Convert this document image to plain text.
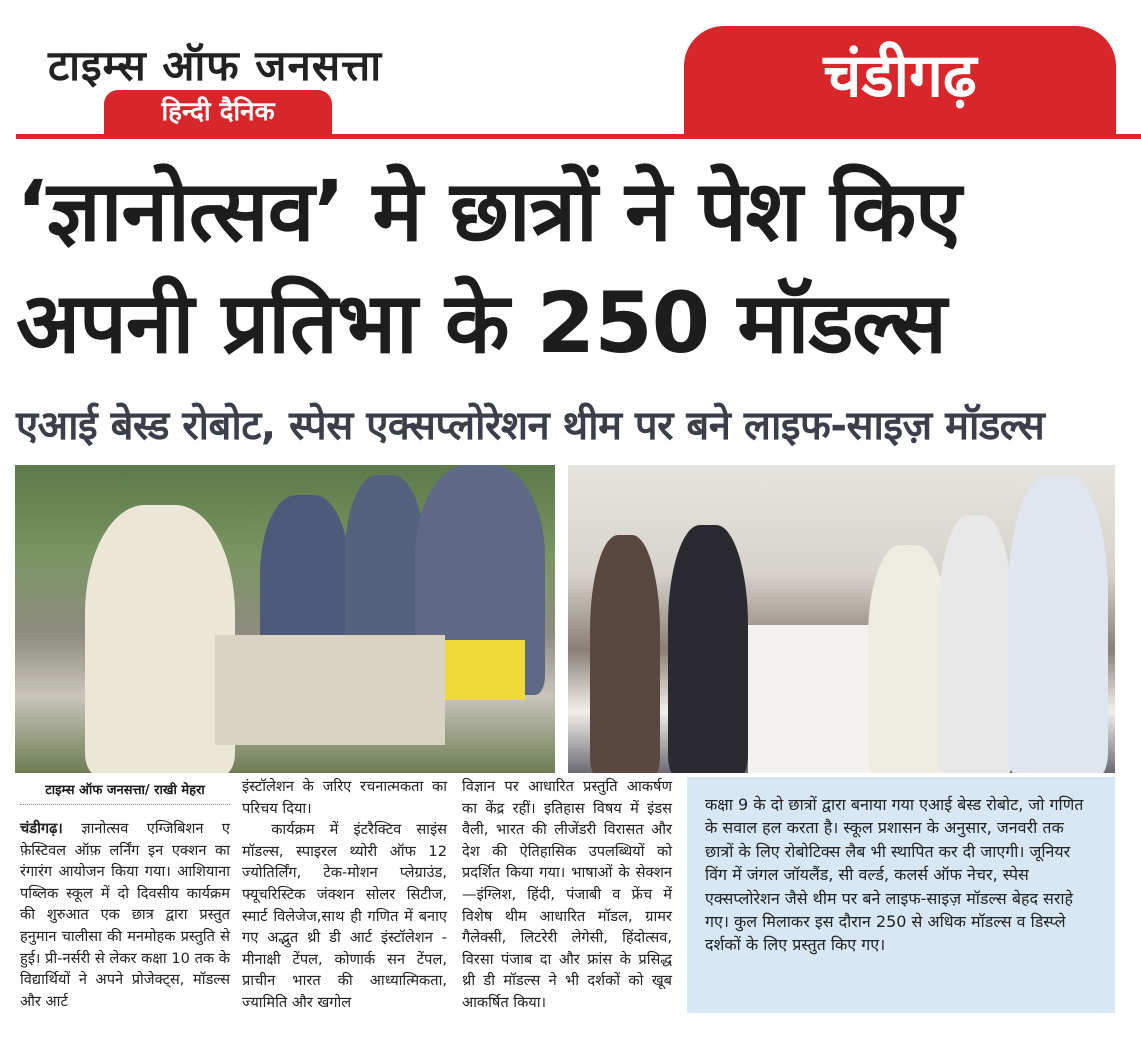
टाइम्स ऑफ जनसत्ता
हिन्दी दैनिक
चंडीगढ़
‘ज्ञानोत्सव’ मे छात्रों ने पेश किए
अपनी प्रतिभा के 250 मॉडल्स
एआई बेस्ड रोबोट, स्पेस एक्सप्लोरेशन थीम पर बने लाइफ-साइज़ मॉडल्स
टाइम्स ऑफ जनसत्ता/ राखी मेहरा
चंडीगढ़। ज्ञानोत्सव एग्जिबिशन ए फ़ेस्टिवल ऑफ़ लर्निंग इन एक्शन का रंगारंग आयोजन किया गया। आशियाना पब्लिक स्कूल में दो दिवसीय कार्यक्रम की शुरुआत एक छात्र द्वारा प्रस्तुत हनुमान चालीसा की मनमोहक प्रस्तुति से हुई। प्री-नर्सरी से लेकर कक्षा 10 तक के विद्यार्थियों ने अपने प्रोजेक्ट्स, मॉडल्स और आर्ट

इंस्टॉलेशन के जरिए रचनात्मकता का परिचय दिया।

कार्यक्रम में इंटरैक्टिव साइंस मॉडल्स, स्पाइरल थ्योरी ऑफ 12 ज्योतिर्लिंग, टेक-मोशन प्लेग्राउंड, फ्यूचरिस्टिक जंक्शन सोलर सिटीज, स्मार्ट विलेजेज,साथ ही गणित में बनाए गए अद्भुत थ्री डी आर्ट इंस्टॉलेशन - मीनाक्षी टेंपल, कोणार्क सन टेंपल, प्राचीन भारत की आध्यात्मिकता, ज्यामिति और खगोल

विज्ञान पर आधारित प्रस्तुति आकर्षण का केंद्र रहीं। इतिहास विषय में इंडस वैली, भारत की लीजेंडरी विरासत और देश की ऐतिहासिक उपलब्धियों को प्रदर्शित किया गया। भाषाओं के सेक्शन—इंग्लिश, हिंदी, पंजाबी व फ्रेंच में विशेष थीम आधारित मॉडल, ग्रामर गैलेक्सी, लिटरेरी लेगेसी, हिंदोत्सव, विरसा पंजाब दा और फ्रांस के प्रसिद्ध थ्री डी मॉडल्स ने भी दर्शकों को खूब आकर्षित किया।
कक्षा 9 के दो छात्रों द्वारा बनाया गया एआई बेस्ड रोबोट, जो गणित के सवाल हल करता है। स्कूल प्रशासन के अनुसार, जनवरी तक छात्रों के लिए रोबोटिक्स लैब भी स्थापित कर दी जाएगी। जूनियर विंग में जंगल जॉयलैंड, सी वर्ल्ड, कलर्स ऑफ नेचर, स्पेस एक्सप्लोरेशन जैसे थीम पर बने लाइफ-साइज़ मॉडल्स बेहद सराहे गए। कुल मिलाकर इस दौरान 250 से अधिक मॉडल्स व डिस्प्ले दर्शकों के लिए प्रस्तुत किए गए।
